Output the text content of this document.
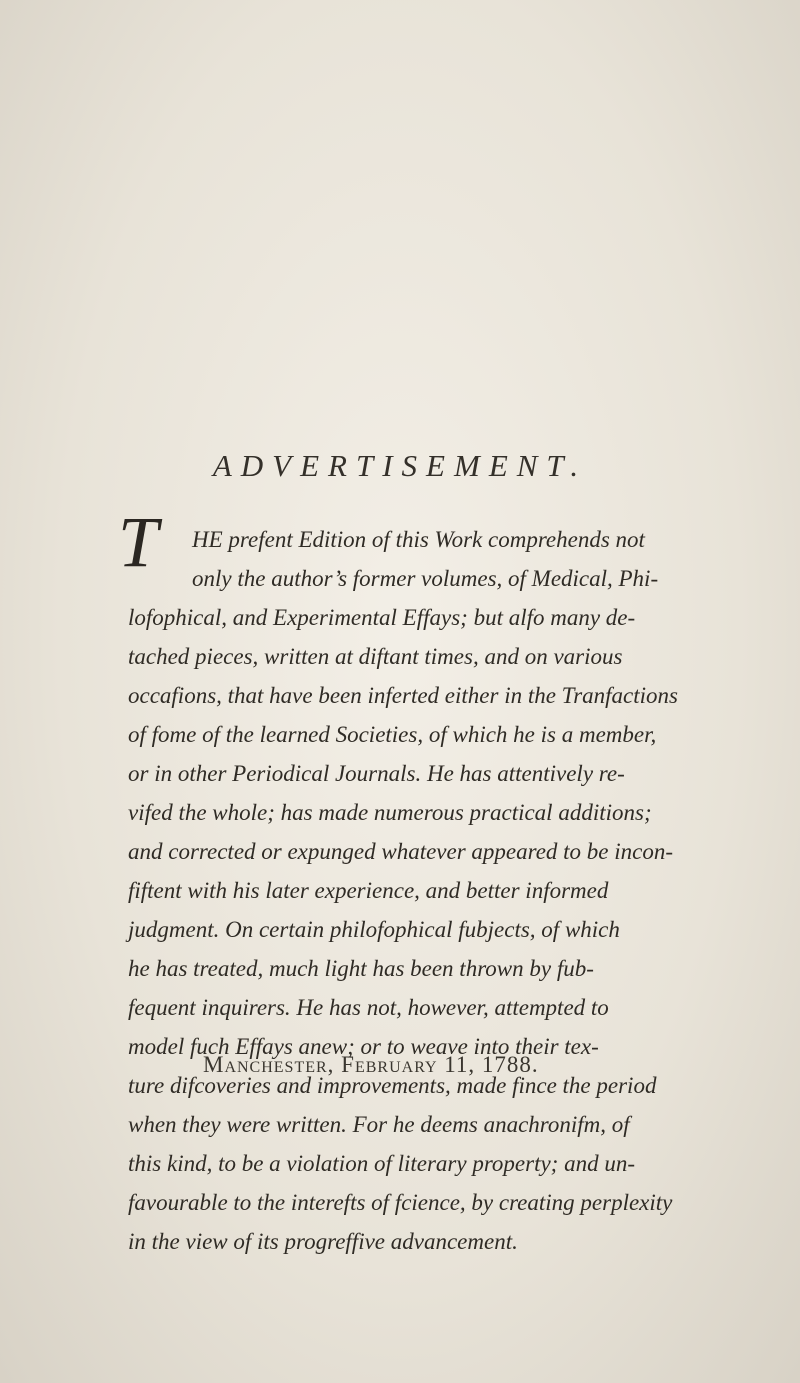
ADVERTISEMENT.
T HE prefent Edition of this Work comprehends not
only the author’s former volumes, of Medical, Phi-
lofophical, and Experimental Effays; but alfo many de-
tached pieces, written at diftant times, and on various
occafions, that have been inferted either in the Tranfactions
of fome of the learned Societies, of which he is a member,
or in other Periodical Journals. He has attentively re-
vifed the whole; has made numerous practical additions;
and corrected or expunged whatever appeared to be incon-
fiftent with his later experience, and better informed
judgment. On certain philofophical fubjects, of which
he has treated, much light has been thrown by fub-
fequent inquirers. He has not, however, attempted to
model fuch Effays anew; or to weave into their tex-
ture difcoveries and improvements, made fince the period
when they were written. For he deems anachronifm, of
this kind, to be a violation of literary property; and un-
favourable to the interefts of fcience, by creating perplexity
in the view of its progreffive advancement.
Manchester, February 11, 1788.
